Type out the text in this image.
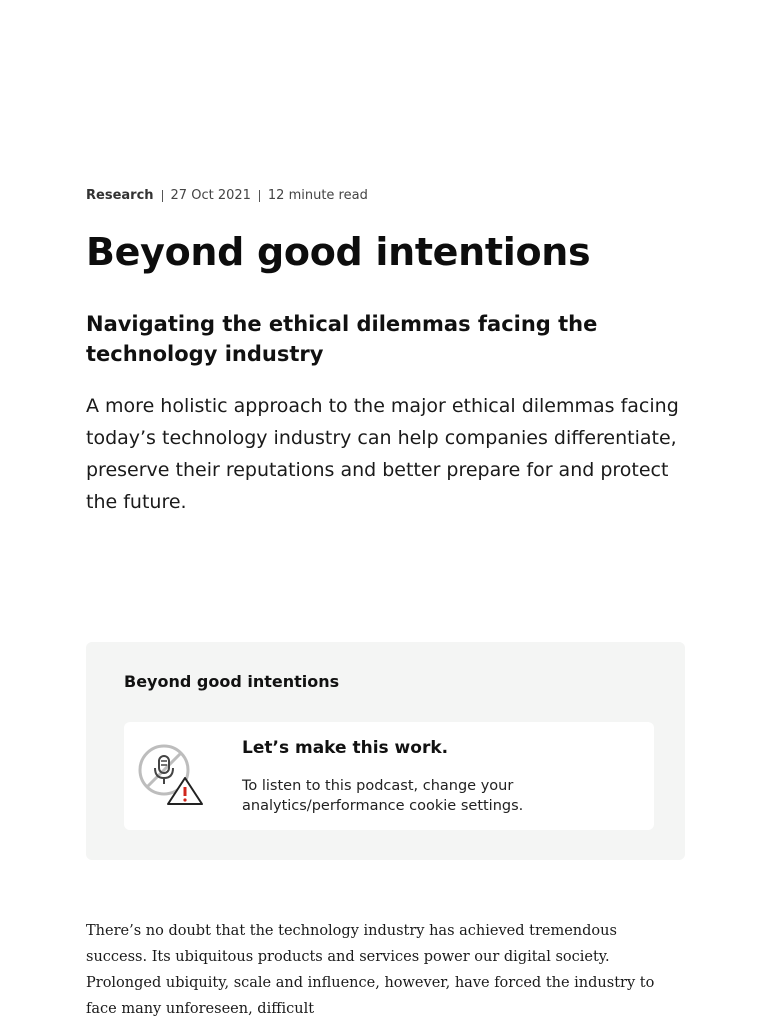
Research 27 Oct 2021 12 minute read
Beyond good intentions
Navigating the ethical dilemmas facing the technology industry

A more holistic approach to the major ethical dilemmas facing today’s technology industry can help companies differentiate, preserve their reputations and better prepare for and protect the future.

Beyond good intentions
Let’s make this work.
To listen to this podcast, change your analytics/performance cookie settings.

There’s no doubt that the technology industry has achieved tremendous success. Its ubiquitous products and services power our digital society. Prolonged ubiquity, scale and influence, however, have forced the industry to face many unforeseen, difficult
